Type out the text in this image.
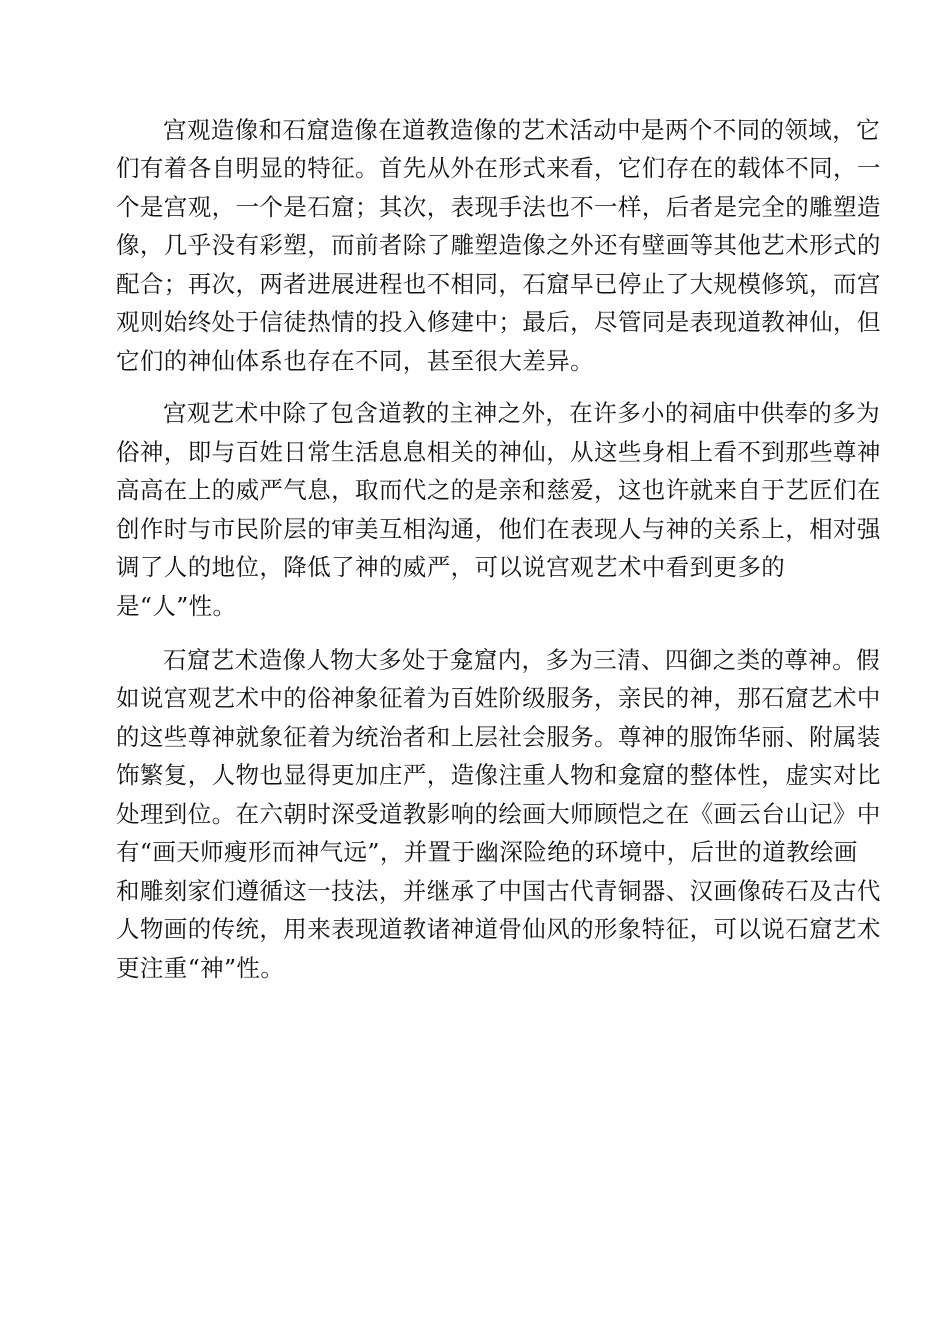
宫观造像和石窟造像在道教造像的艺术活动中是两个不同的领域，它
们有着各自明显的特征。首先从外在形式来看，它们存在的载体不同，一
个是宫观，一个是石窟；其次，表现手法也不一样，后者是完全的雕塑造
像，几乎没有彩塑，而前者除了雕塑造像之外还有壁画等其他艺术形式的
配合；再次，两者进展进程也不相同，石窟早已停止了大规模修筑，而宫
观则始终处于信徒热情的投入修建中；最后，尽管同是表现道教神仙，但
它们的神仙体系也存在不同，甚至很大差异。
宫观艺术中除了包含道教的主神之外，在许多小的祠庙中供奉的多为
俗神，即与百姓日常生活息息相关的神仙，从这些身相上看不到那些尊神
高高在上的威严气息，取而代之的是亲和慈爱，这也许就来自于艺匠们在
创作时与市民阶层的审美互相沟通，他们在表现人与神的关系上，相对强
调了人的地位，降低了神的威严，可以说宫观艺术中看到更多的
是“人”性。
石窟艺术造像人物大多处于龛窟内，多为三清、四御之类的尊神。假
如说宫观艺术中的俗神象征着为百姓阶级服务，亲民的神，那石窟艺术中
的这些尊神就象征着为统治者和上层社会服务。尊神的服饰华丽、附属装
饰繁复，人物也显得更加庄严，造像注重人物和龛窟的整体性，虚实对比
处理到位。在六朝时深受道教影响的绘画大师顾恺之在《画云台山记》中
有“画天师瘦形而神气远”，并置于幽深险绝的环境中，后世的道教绘画
和雕刻家们遵循这一技法，并继承了中国古代青铜器、汉画像砖石及古代
人物画的传统，用来表现道教诸神道骨仙风的形象特征，可以说石窟艺术
更注重“神”性。
